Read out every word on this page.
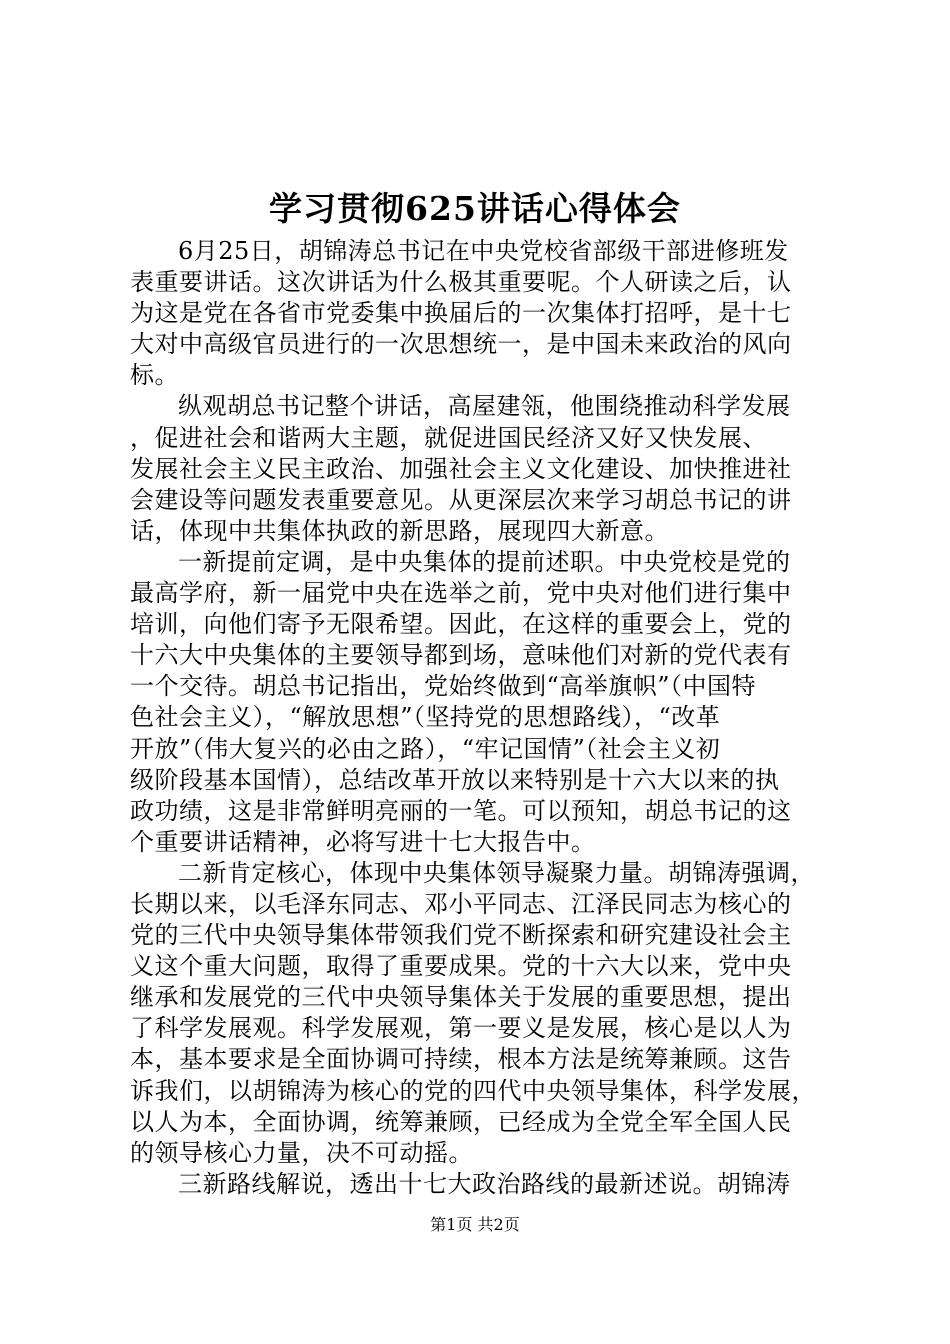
学习贯彻625讲话心得体会
6月25日，胡锦涛总书记在中央党校省部级干部进修班发
表重要讲话。这次讲话为什么极其重要呢。个人研读之后，认
为这是党在各省市党委集中换届后的一次集体打招呼，是十七
大对中高级官员进行的一次思想统一，是中国未来政治的风向
标。
纵观胡总书记整个讲话，高屋建瓴，他围绕推动科学发展
，促进社会和谐两大主题，就促进国民经济又好又快发展、
发展社会主义民主政治、加强社会主义文化建设、加快推进社
会建设等问题发表重要意见。从更深层次来学习胡总书记的讲
话，体现中共集体执政的新思路，展现四大新意。
一新提前定调，是中央集体的提前述职。中央党校是党的
最高学府，新一届党中央在选举之前，党中央对他们进行集中
培训，向他们寄予无限希望。因此，在这样的重要会上，党的
十六大中央集体的主要领导都到场，意味他们对新的党代表有
一个交待。胡总书记指出，党始终做到“高举旗帜”（中国特
色社会主义），“解放思想”（坚持党的思想路线），“改革
开放”（伟大复兴的必由之路），“牢记国情”（社会主义初
级阶段基本国情），总结改革开放以来特别是十六大以来的执
政功绩，这是非常鲜明亮丽的一笔。可以预知，胡总书记的这
个重要讲话精神，必将写进十七大报告中。
二新肯定核心，体现中央集体领导凝聚力量。胡锦涛强调，
长期以来，以毛泽东同志、邓小平同志、江泽民同志为核心的
党的三代中央领导集体带领我们党不断探索和研究建设社会主
义这个重大问题，取得了重要成果。党的十六大以来，党中央
继承和发展党的三代中央领导集体关于发展的重要思想，提出
了科学发展观。科学发展观，第一要义是发展，核心是以人为
本，基本要求是全面协调可持续，根本方法是统筹兼顾。这告
诉我们，以胡锦涛为核心的党的四代中央领导集体，科学发展，
以人为本，全面协调，统筹兼顾，已经成为全党全军全国人民
的领导核心力量，决不可动摇。
三新路线解说，透出十七大政治路线的最新述说。胡锦涛
第1页 共2页
